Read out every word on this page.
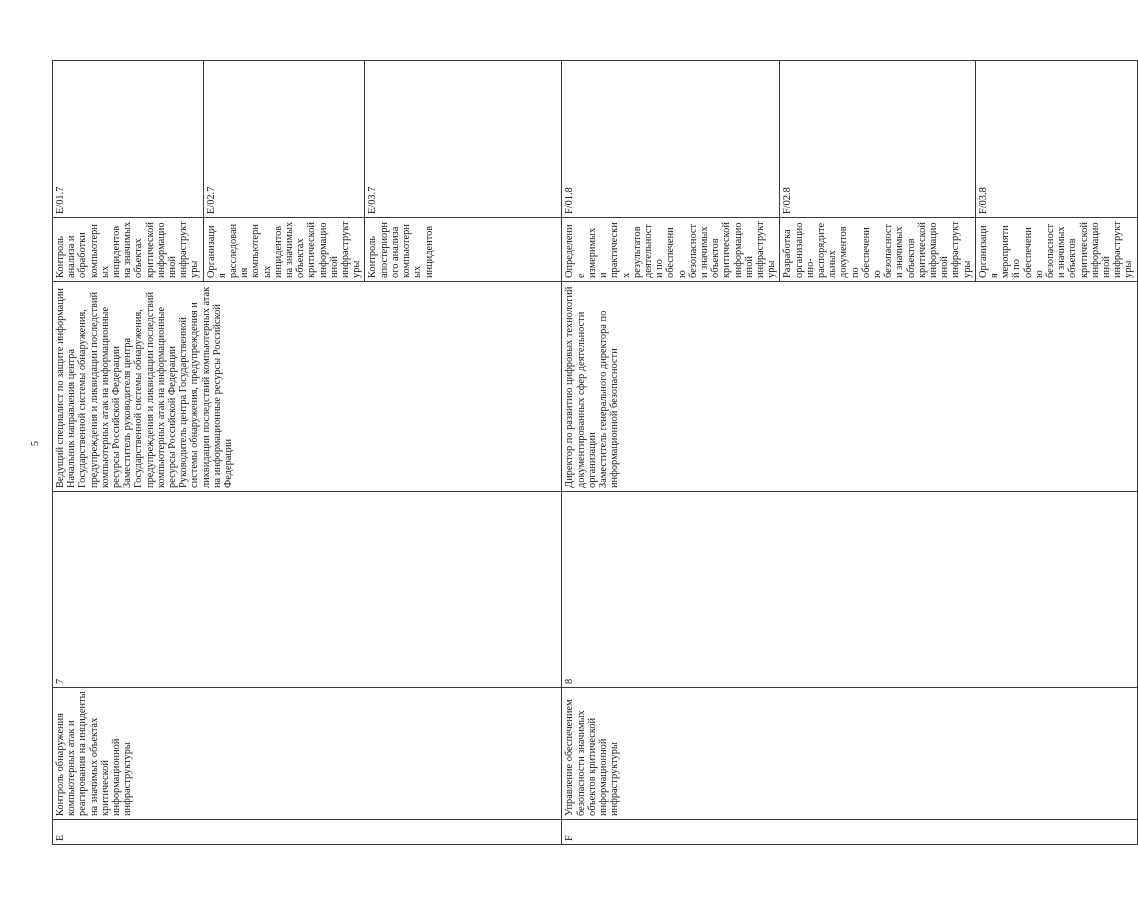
5
E	Контроль обнаружения компьютерных атак и реагирования на инциденты на значимых объектах критической информационной инфраструктуры	7	Ведущий специалист по защите информации
Начальник направления центра Государственной системы обнаружения, предупреждения и ликвидации последствий компьютерных атак на информационные ресурсы Российской Федерации
Заместитель руководителя центра Государственной системы обнаружения, предупреждения и ликвидации последствий компьютерных атак на информационные ресурсы Российской Федерации
Руководитель центра Государственной системы обнаружения, предупреждения и ликвидации последствий компьютерных атак на информационные ресурсы Российской Федерации	Контроль анализа и обработки компьютерных инцидентов на значимых объектах критической информационной инфраструктуры	E/01.7	
				Организация расследования компьютерных инцидентов на значимых объектах критической информационной инфраструктуры	E/02.7	
				Контроль апостериорного анализа компьютерных инцидентов	E/03.7	
F	Управление обеспечением безопасности значимых объектов критической информационной инфраструктуры	8	Директор по развитию цифровых технологий документированных сфер деятельности организации
Заместитель генерального директора по информационной безопасности	Определение измеримых и практических результатов деятельности по обеспечению безопасности значимых объектов критической информационной инфраструктуры	F/01.8	
				Разработка организационно-распорядительных документов по обеспечению безопасности значимых объектов критической информационной инфраструктуры	F/02.8	
				Организация мероприятий по обеспечению безопасности значимых объектов критической информационной инфраструктуры	F/03.8	
